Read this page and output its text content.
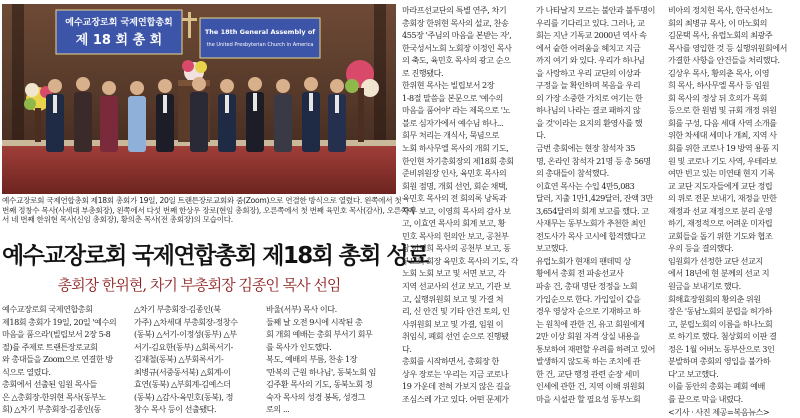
예수교장로회 국제연합총회
제 18 회 총 회
The 18th General Assembly of
the United Presbyterian Church in America
예수교장로회 국제연합총회 제18회 총회가 19일, 20일 트랜튼장로교회와 줌(Zoom)으로 연결한 방식으로 열렸다. 왼쪽에서 첫
번째 정창수 목사(사세대 부총회장), 왼쪽에서 다섯 번째 한상우 장로(현임 총회장), 오른쪽에서 첫 번째 육민호 목사(감사), 오른쪽에
서 네 번째 한위현 목사(신임 총회장), 황의춘 목사(전 총회장)의 모습이다.
예수교장로회 국제연합총회 제18회 총회 성료
총회장 한위현, 차기 부총회장 김종인 목사 선임
예수교장로회 국제연합총회
제18회 총회가 19일, 20일 '예수의
마음을 품으라'(빌립보서 2장 5-8
절)를 주제로 트랜튼장로교회
와 총대들을 Zoom으로 연결한 방
식으로 열렸다.
총회에서 선출된 임원 목사들
은 △총회장-한위현 목사(동부노
회) △차기 부총회장-김종인(동
△차기 부총회장-김종인(북
가주) △차세대 부총회장-정창수
(동북) △서기-이정성(동부) △부
서기-김요한(동부) △회록서기-
김재철(동북) △부회록서기-
최병규(서중동서북) △회계-이
효연(동북) △부회계-김예스더
(동북) △감사-육민호(동북), 정
창수 목사 등이 선출됐다.
바울(서부) 목사 이다.
둘째 날 오전 9시에 시작된 총
회 개회 예배는 총회 부서기 회무
를 목사가 인도했다.
복도, 예배의 부름, 찬송 1장
'만복의 근원 하나님', 동북노회 임
김주환 목사의 기도, 동북노회 정
숙자 목사의 성경 봉독, 성경그
로의 ...
마라프선교단의 특별 연주, 차기
총회장 한위현 목사의 설교, 찬송
455장 '주님의 마음을 본받는 자',
한국성서노회 노회장 이정인 목사
의 축도, 육민호 목사의 광고 순으
로 진행됐다.
한위현 목사는 빌립보서 2장
1-8절 말씀을 본문으로 '예수의
마음을 품어야' 라는 제목으로 '노
블로 심자가에서 예수님 하나...
회무 처리는 개식사, 묵념으로
노회 하사무엘 목사의 개회 기도,
한인현 차기총회장의 제18회 총회
준비위원장 인사, 육민호 목사의
회원 점명, 개회 선언, 회순 채택,
육민호 목사의 전 회의록 낭독과
사무 보고, 이영희 목사의 감사 보
고, 이효연 목사의 회계 보고, 황
민호 목사의 헌의안 보고, 공천부
장 이영희 목사의 공천부 보고, 동
부노회 회장 육민호 목사의 기도, 각
노회 노회 보고 및 서면 보고, 각
지역 선교사의 선교 보고, 기관 보
고, 실행위원회 보고 및 가결 처
리, 신 안건 및 기타 안건 토의, 인
사위원회 보고 및 가결, 임원 이
취임식, 폐회 선언 순으로 진행됐
다.
총회를 시작하면서, 총회장 한
상우 장로는 '우리는 지금 코로나
19 가운데 전혀 가보지 않은 길을
조심스레 가고 있다. 어떤 문제가
가 나타날지 모르는 불안과 불투명이
우리를 기다리고 있다. 그러나, 교
회는 지난 기독교 2000년 역사 속
에서 숱한 어려움을 헤치고 지금
까지 여기 와 있다. 우리가 하나님
을 사랑하고 우리 교단의 이상과
구정을 늘 확인하며 복음을 우리
의 가장 소중한 가치로 여기는 한
하나님의 나라는 결코 패하지 않
을 것'이라는 요지의 환영사를 했
다.
금번 총회에는 현장 참석자 35
명, 온라인 참석자 21명 등 총 56명
의 총대들이 참석했다.
이효연 목사는 수입 4만5,083
달러, 지출 1만1,429달러, 잔액 3만
3,654달러의 회계 보고를 했다. 고
사재무는 동부노회가 추천한 최인
전도사가 목사 고시에 합격했다고
보고했다.
유럽노회가 현재의 팬데믹 상
황에서 총회 전 파송선교사
파송 건, 총대 명단 정정을 노회
가입순으로 한다. 가입일이 같을
경우 영상자 순으로 기재하고 하
는 원칙에 관한 건, 유고 회원에게
2만 이상 회원 자격 상실 내용을
통보하여 재편할 우려를 하려고 있어
발생하지 않도록 하는 조치에 관
한 건, 교단 행정 관련 순장 세미
인세에 관한 건, 지역 이해 위원회
마을 시설관 할 필요성 동부노회
비아의 정치헌 목사, 한국선서노
회의 최병규 목사, 이 마노회의
김문택 목사, 유럽노회의 최광주
목사를 영입한 것 등 실행위원회에서
가결한 사항을 안건들을 처리했다.
김상우 목사, 황의춘 목사, 이영
희 목사, 하사무엘 목사 등 임원
회 목사의 정상 뒤 호의가 목회
등으로 한 원범 및 규회 개정 위원
회를 구성, 다음 세대 사역 소개를
위한 차세대 세미나 개최, 지역 사
회를 위한 코로나 19 방역 용품 지
원 및 코로나 기도 사역, 우테라보
여만 빈고 있는 미연태 현지 기록
교 교단 지도자들에게 교단 정립
의 위로 전문 보내기, 재정을 만한
재정과 선교 재정으로 분리 운영
하기, 재정적으로 어려운 미자립
교회들을 돕기 위한 기도와 협조
우의 등을 결의했다.
임원회가 선정한 교단 선교지
에서 18년에 현 분께의 선교 지
원금을 보내기로 했다.
회해효장원회의 황의춘 위원
장은 '동남노회의 분립을 허가하
고, 분립노회의 이름을 하나노회
로 하기로 했다. 첨상회의 이판 결
정은 1월 어버노 동부산으로 3인
분발하며 총회의 영입을 불가하
다'고 보고했다.
이를 동안의 총회는 폐회 예배
를 끝으로 막을 내렸다.
<기사 · 사진 제공=복음뉴스>
